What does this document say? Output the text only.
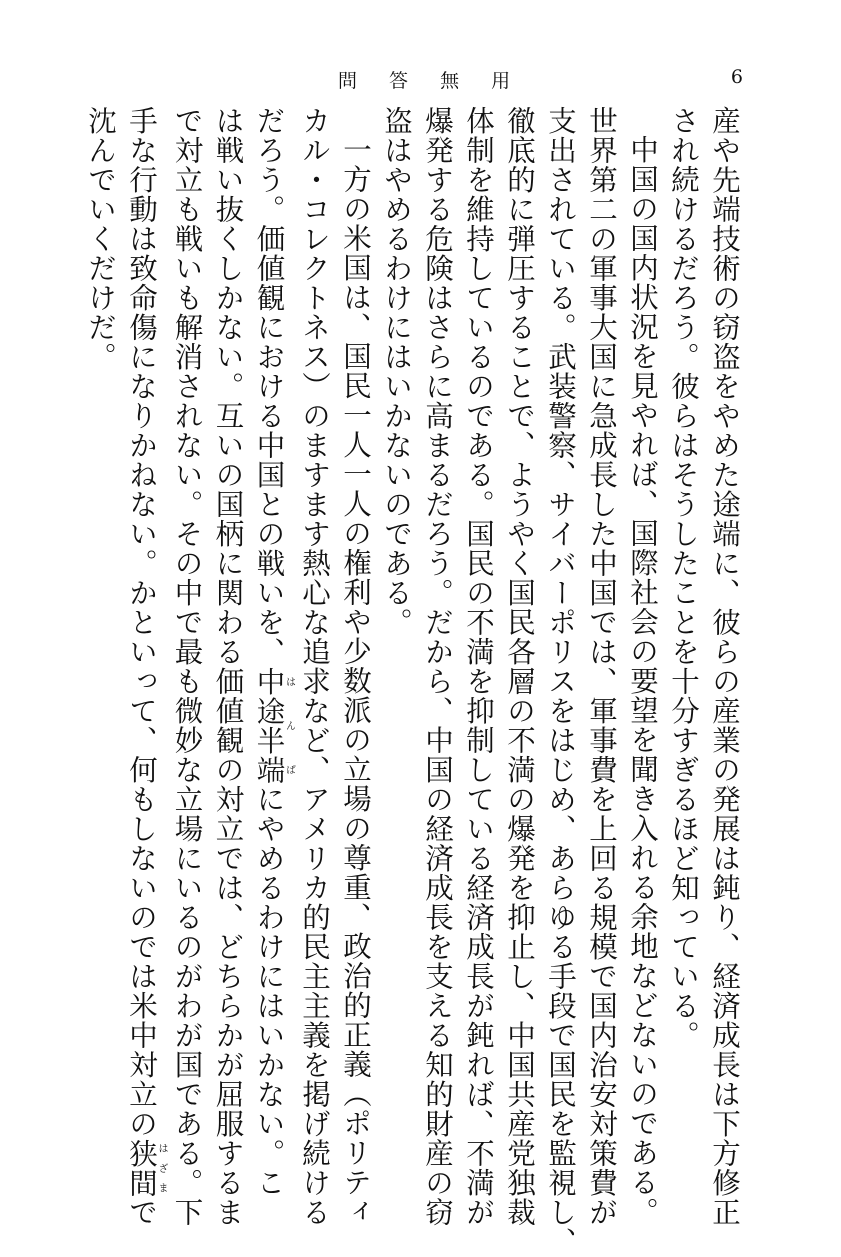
問 答 無 用	6

産や先端技術の窃盗をやめた途端に、彼らの産業の発展は鈍り、経済成長は下方修正
され続けるだろう。彼らはそうしたことを十分すぎるほど知っている。

中国の国内状況を見やれば、国際社会の要望を聞き入れる余地などないのである。
世界第二の軍事大国に急成長した中国では、軍事費を上回る規模で国内治安対策費が
支出されている。武装警察、サイバーポリスをはじめ、あらゆる手段で国民を監視し、
徹底的に弾圧することで、ようやく国民各層の不満の爆発を抑止し、中国共産党独裁
体制を維持しているのである。国民の不満を抑制している経済成長が鈍れば、不満が
爆発する危険はさらに高まるだろう。だから、中国の経済成長を支える知的財産の窃
盗はやめるわけにはいかないのである。

一方の米国は、国民一人一人の権利や少数派の立場の尊重、政治的正義（ポリティ
カル・コレクトネス）のますます熱心な追求など、アメリカ的民主主義を掲げ続ける
だろう。価値観における中国との戦いを、中途半端はんぱにやめるわけにはいかない。こ
は戦い抜くしかない。互いの国柄に関わる価値観の対立では、どちらかが屈服するま
で対立も戦いも解消されない。その中で最も微妙な立場にいるのがわが国である。下
手な行動は致命傷になりかねない。かといって、何もしないのでは米中対立の狭間はざまで
沈んでいくだけだ。
